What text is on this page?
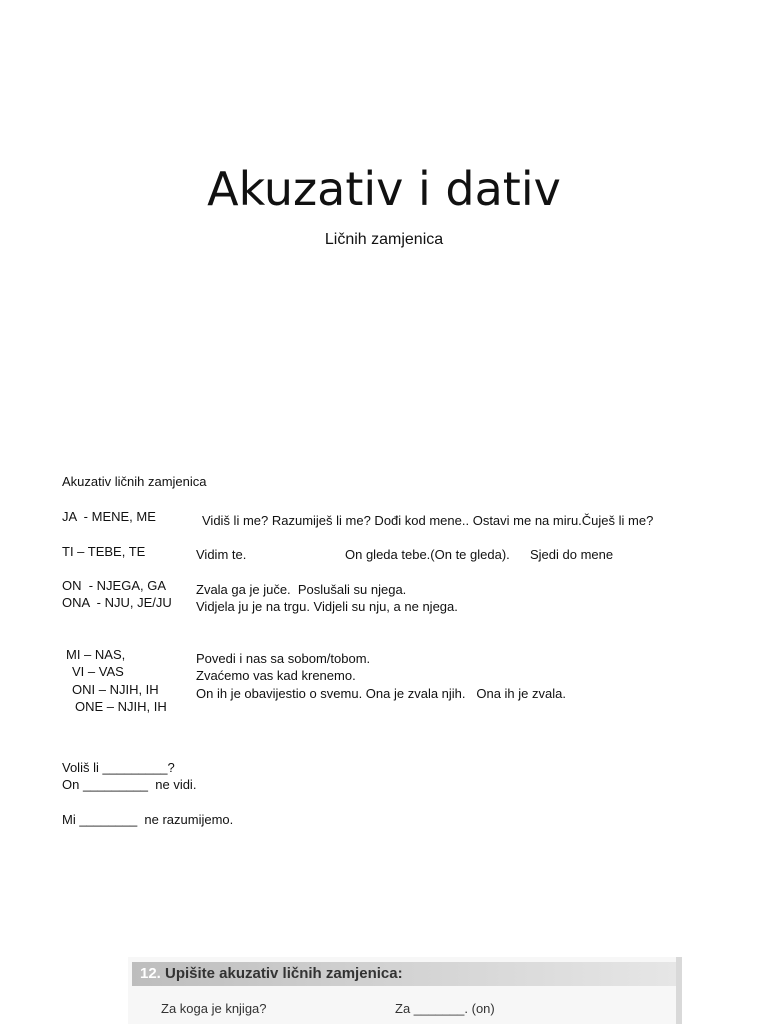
Akuzativ i dativ
Ličnih zamjenica
Akuzativ ličnih zamjenica
JA  - MENE, ME
TI – TEBE, TE
ON  - NJEGA, GA
ONA  - NJU, JE/JU
MI – NAS,
VI – VAS
ONI – NJIH, IH
ONE – NJIH, IH
Vidiš li me? Razumiješ li me? Dođi kod mene.. Ostavi me na miru.Čuješ li me?
Vidim te.	On gleda tebe.(On te gleda). Sjedi do mene
Zvala ga je juče.  Poslušali su njega.
Vidjela ju je na trgu. Vidjeli su nju, a ne njega.
Povedi i nas sa sobom/tobom.
Zvaćemo vas kad krenemo.
On ih je obavijestio o svemu. Ona je zvala njih.   Ona ih je zvala.
Voliš li _________?
On _________  ne vidi.
Mi ________  ne razumijemo.
12. Upišite akuzativ ličnih zamjenica:
Za koga je knjiga?	Za _______. (on)
